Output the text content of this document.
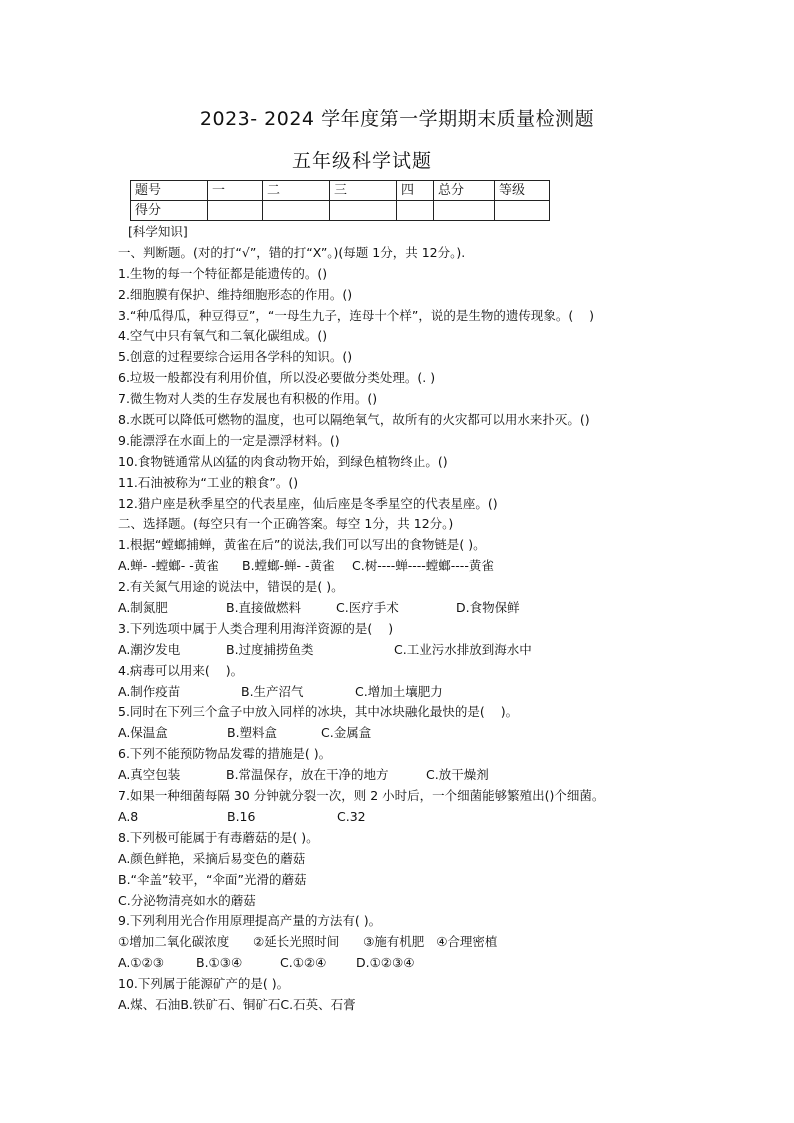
2023- 2024 学年度第一学期期末质量检测题
五年级科学试题
题号	一	二	三	四	总分	等级
得分						
[科学知识]
一、判断题。(对的打“√”，错的打“X”。)(每题 1分，共 12分。).
1.生物的每一个特征都是能遗传的。()
2.细胞膜有保护、维持细胞形态的作用。()
3.“种瓜得瓜，种豆得豆”，“一母生九子，连母十个样”，说的是生物的遗传现象。(    )
4.空气中只有氧气和二氧化碳组成。()
5.创意的过程要综合运用各学科的知识。()
6.垃圾一般都没有利用价值，所以没必要做分类处理。(. )
7.微生物对人类的生存发展也有积极的作用。()
8.水既可以降低可燃物的温度，也可以隔绝氧气，故所有的火灾都可以用水来扑灭。()
9.能漂浮在水面上的一定是漂浮材料。()
10.食物链通常从凶猛的肉食动物开始，到绿色植物终止。()
11.石油被称为“工业的粮食”。()
12.猎户座是秋季星空的代表星座，仙后座是冬季星空的代表星座。()
二、选择题。(每空只有一个正确答案。每空 1分，共 12分。)
1.根据“螳螂捕蝉，黄雀在后”的说法,我们可以写出的食物链是( )。
A.蝉- -螳螂- -黄雀 B.螳螂-蝉- -黄雀 C.树----蝉----螳螂----黄雀
2.有关氮气用途的说法中，错误的是( )。
A.制氮肥	B.直接做燃料	C.医疗手术	D.食物保鲜
3.下列选项中属于人类合理利用海洋资源的是(    )
A.潮汐发电	B.过度捕捞鱼类	C.工业污水排放到海水中
4.病毒可以用来(    )。
A.制作疫苗	B.生产沼气	C.增加土壤肥力
5.同时在下列三个盒子中放入同样的冰块，其中冰块融化最快的是(    )。
A.保温盒	B.塑料盒	C.金属盒
6.下列不能预防物品发霉的措施是( )。
A.真空包装	B.常温保存，放在干净的地方	C.放干燥剂
7.如果一种细菌每隔 30 分钟就分裂一次，则 2 小时后，一个细菌能够繁殖出()个细菌。
A.8	B.16	C.32
8.下列极可能属于有毒蘑菇的是( )。
A.颜色鲜艳，采摘后易变色的蘑菇
B.“伞盖”较平，“伞面”光滑的蘑菇
C.分泌物清亮如水的蘑菇
9.下列利用光合作用原理提高产量的方法有( )。
①增加二氧化碳浓度      ②延长光照时间      ③施有机肥   ④合理密植
A.①②③	B.①③④	C.①②④ D.①②③④
10.下列属于能源矿产的是( )。
A.煤、石油B.铁矿石、铜矿石C.石英、石膏
